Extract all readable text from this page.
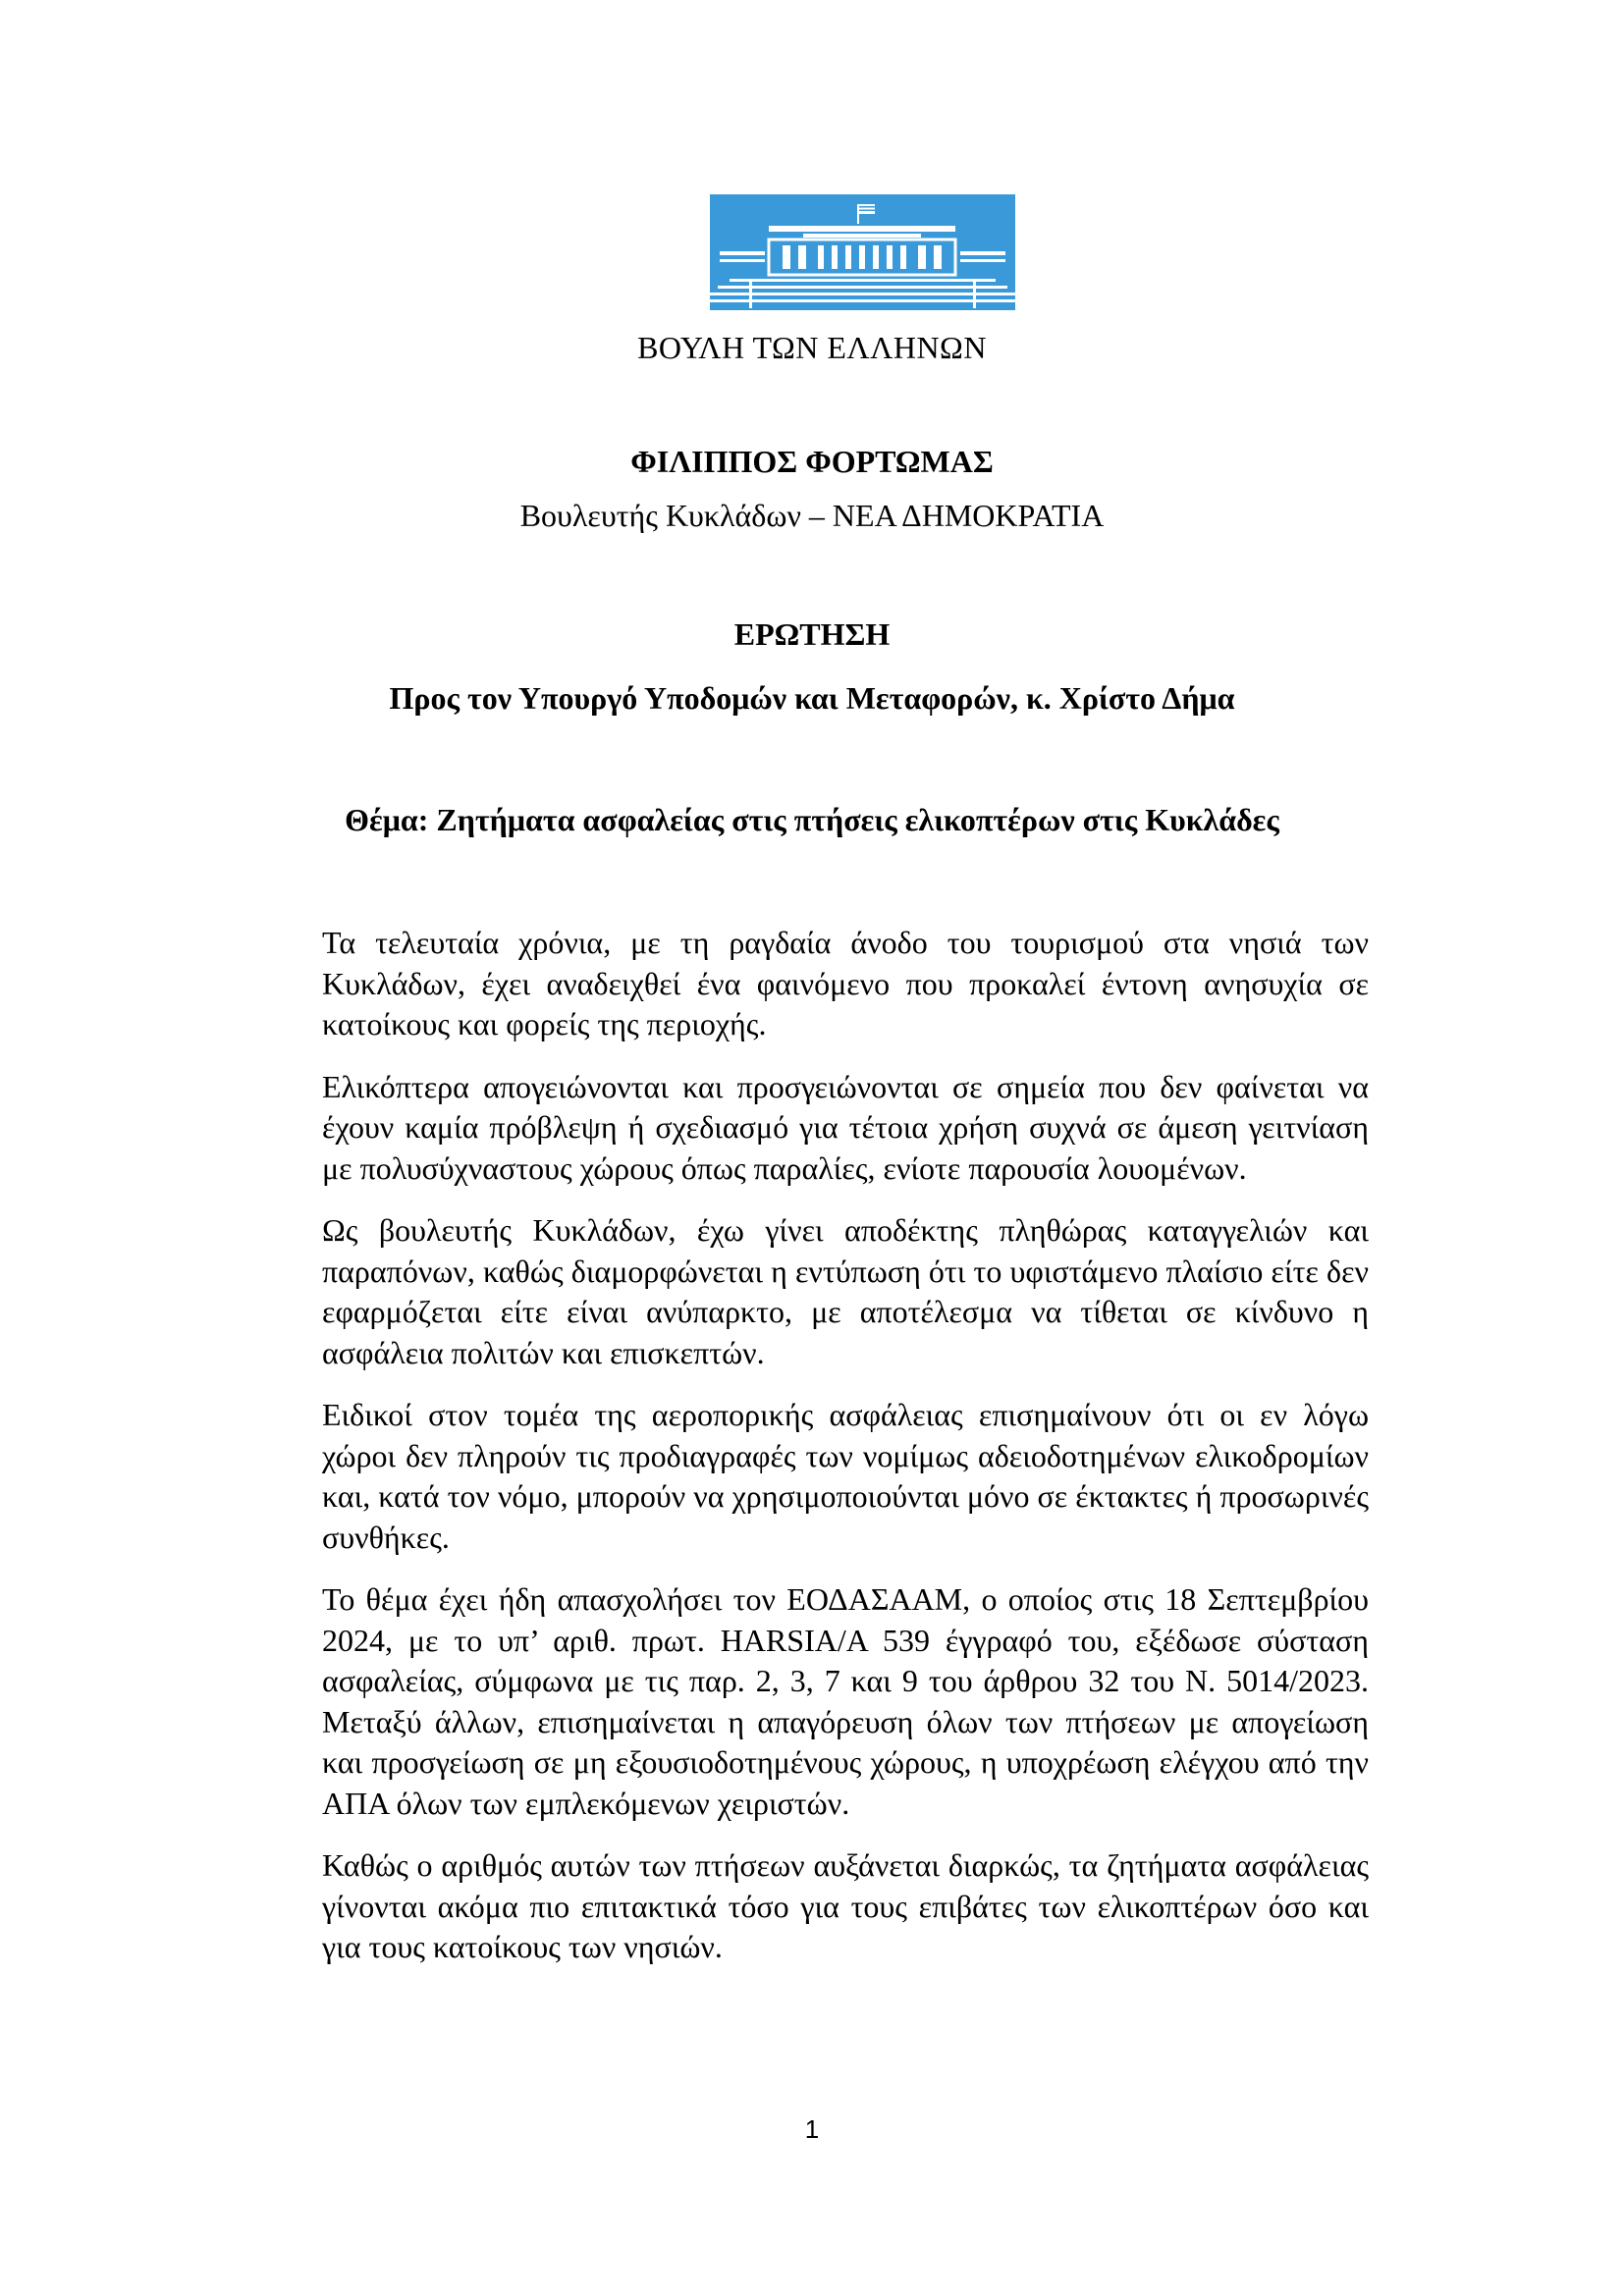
ΒΟΥΛΗ ΤΩΝ ΕΛΛΗΝΩΝ
ΦΙΛΙΠΠΟΣ ΦΟΡΤΩΜΑΣ
Βουλευτής Κυκλάδων – ΝΕΑ ΔΗΜΟΚΡΑΤΙΑ
ΕΡΩΤΗΣΗ
Προς τον Υπουργό Υποδομών και Μεταφορών, κ. Χρίστο Δήμα
Θέμα: Ζητήματα ασφαλείας στις πτήσεις ελικοπτέρων στις Κυκλάδες

Τα τελευταία χρόνια, με τη ραγδαία άνοδο του τουρισμού στα νησιά των Κυκλάδων, έχει αναδειχθεί ένα φαινόμενο που προκαλεί έντονη ανησυχία σε κατοίκους και φορείς της περιοχής.

Ελικόπτερα απογειώνονται και προσγειώνονται σε σημεία που δεν φαίνεται να έχουν καμία πρόβλεψη ή σχεδιασμό για τέτοια χρήση συχνά σε άμεση γειτνίαση με πολυσύχναστους χώρους όπως παραλίες, ενίοτε παρουσία λουομένων.

Ως βουλευτής Κυκλάδων, έχω γίνει αποδέκτης πληθώρας καταγγελιών και παραπόνων, καθώς διαμορφώνεται η εντύπωση ότι το υφιστάμενο πλαίσιο είτε δεν εφαρμόζεται είτε είναι ανύπαρκτο, με αποτέλεσμα να τίθεται σε κίνδυνο η ασφάλεια πολιτών και επισκεπτών.

Ειδικοί στον τομέα της αεροπορικής ασφάλειας επισημαίνουν ότι οι εν λόγω χώροι δεν πληρούν τις προδιαγραφές των νομίμως αδειοδοτημένων ελικοδρομίων και, κατά τον νόμο, μπορούν να χρησιμοποιούνται μόνο σε έκτακτες ή προσωρινές συνθήκες.

Το θέμα έχει ήδη απασχολήσει τον ΕΟΔΑΣΑΑΜ, ο οποίος στις 18 Σεπτεμβρίου 2024, με το υπ’ αριθ. πρωτ. HARSIA/A 539 έγγραφό του, εξέδωσε σύσταση ασφαλείας, σύμφωνα με τις παρ. 2, 3, 7 και 9 του άρθρου 32 του Ν. 5014/2023. Μεταξύ άλλων, επισημαίνεται η απαγόρευση όλων των πτήσεων με απογείωση και προσγείωση σε μη εξουσιοδοτημένους χώρους, η υποχρέωση ελέγχου από την ΑΠΑ όλων των εμπλεκόμενων χειριστών.

Καθώς ο αριθμός αυτών των πτήσεων αυξάνεται διαρκώς, τα ζητήματα ασφάλειας γίνονται ακόμα πιο επιτακτικά τόσο για τους επιβάτες των ελικοπτέρων όσο και για τους κατοίκους των νησιών.

1
